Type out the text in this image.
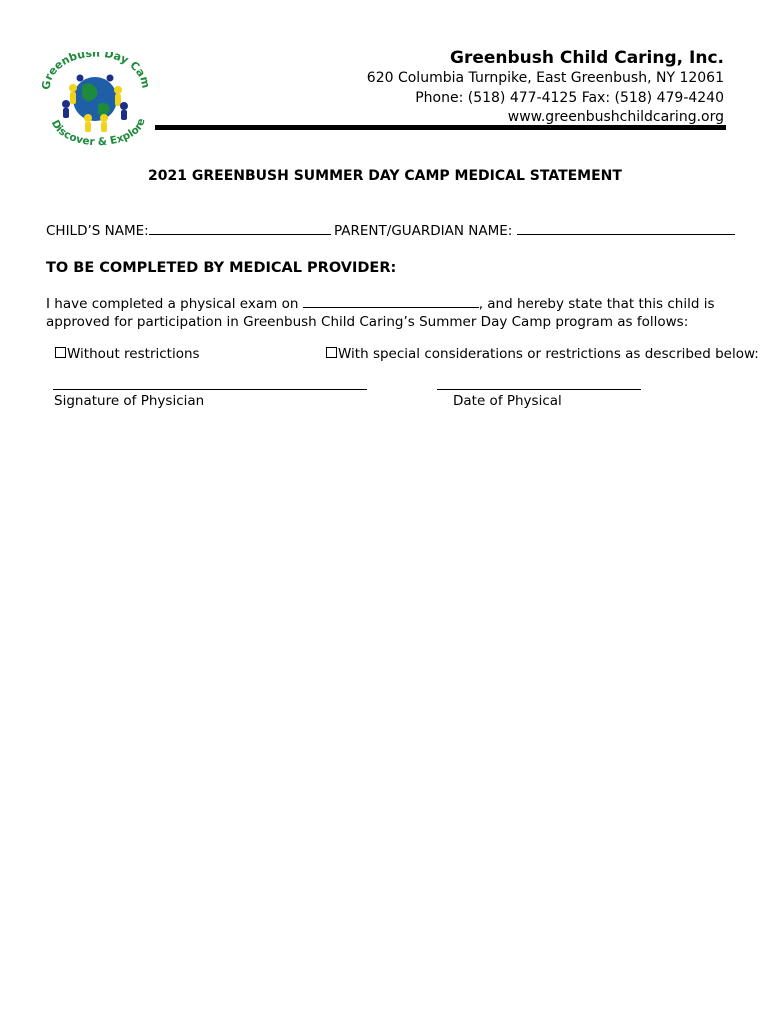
Greenbush Day Ca
Discover & Explore
Greenbush Child Caring, Inc.
620 Columbia Turnpike, East Greenbush, NY 12061
Phone: (518) 477-4125 Fax: (518) 479-4240
www.greenbushchildcaring.org
2021 GREENBUSH SUMMER DAY CAMP MEDICAL STATEMENT
CHILD’S NAME:	PARENT/GUARDIAN NAME:
TO BE COMPLETED BY MEDICAL PROVIDER:
I have completed a physical exam on	, and hereby state that this child is
approved for participation in Greenbush Child Caring’s Summer Day Camp program as follows:
Without restrictions	With special considerations or restrictions as described below:
Signature of Physician	Date of Physical
